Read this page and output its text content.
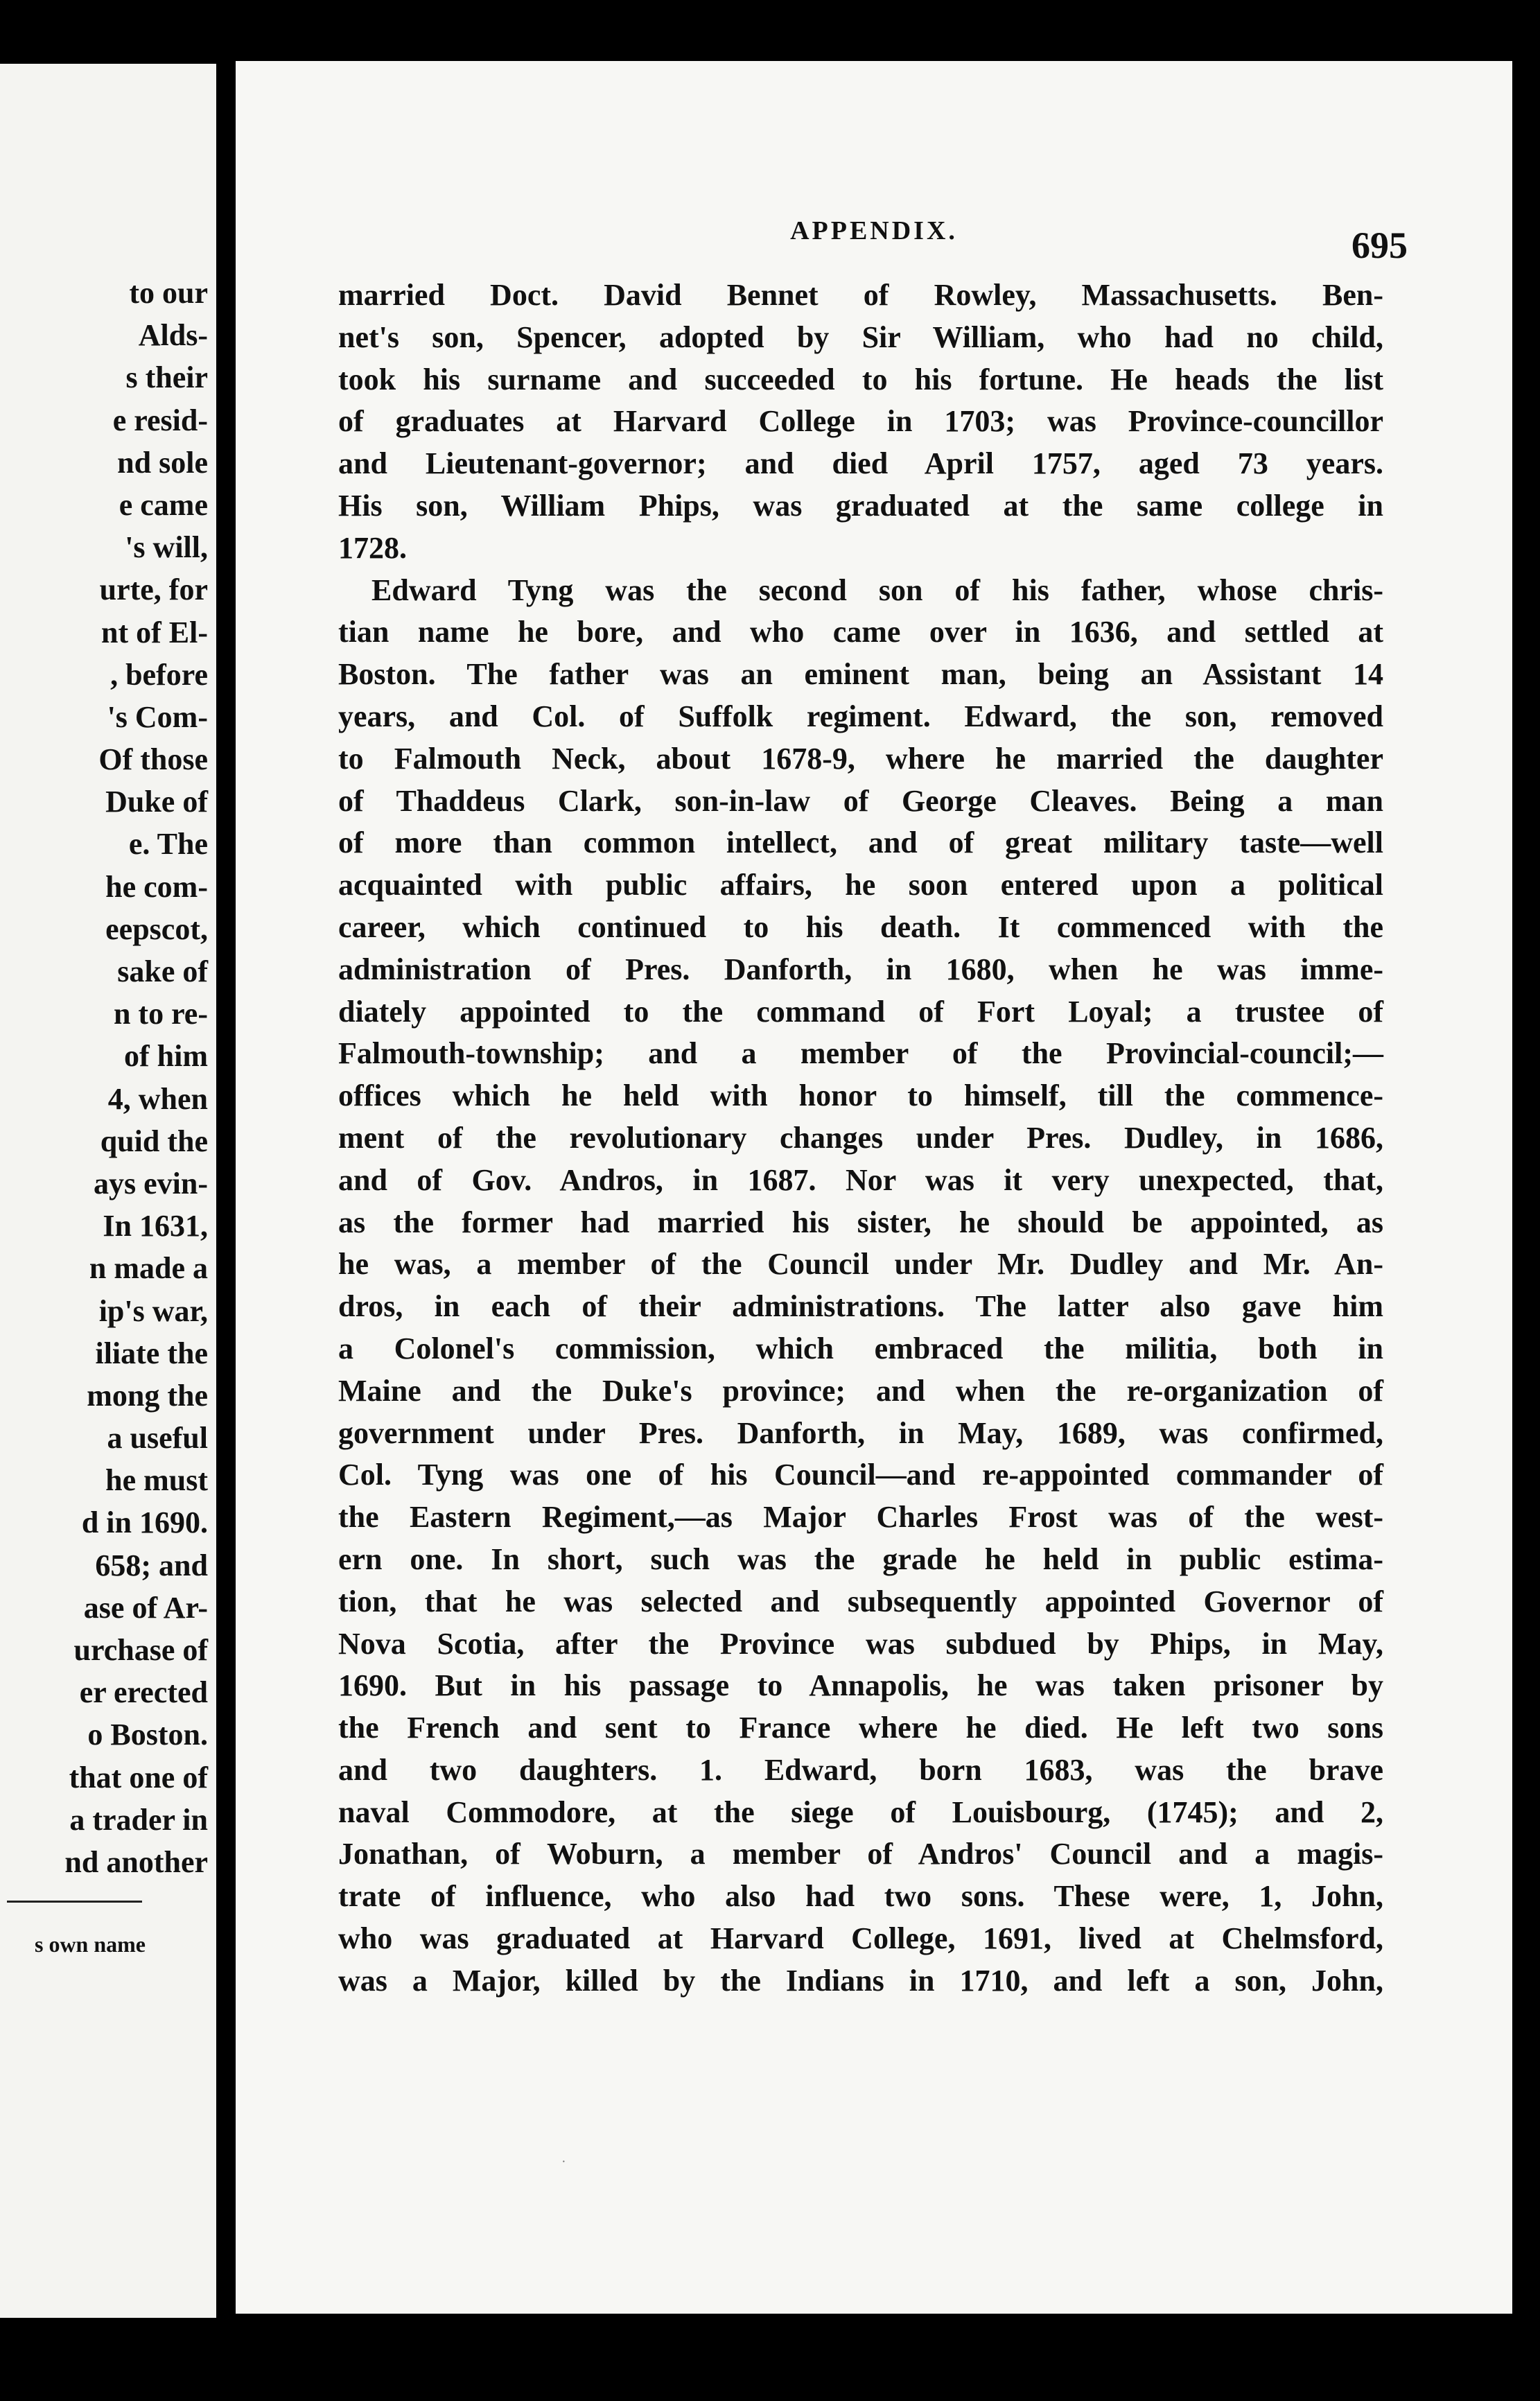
to our
Alds-
s their
e resid-
nd sole
e came
's will,
urte, for
nt of El-
, before
's Com-
Of those
Duke of
e. The
he com-
eepscot,
sake of
n to re-
of him
4, when
quid the
ays evin-
In 1631,
n made a
ip's war,
iliate the
mong the
a useful
he must
d in 1690.
658; and
ase of Ar-
urchase of
er erected
o Boston.
that one of
a trader in
nd another
s own name
APPENDIX.	695
married Doct. David Bennet of Rowley, Massachusetts. Ben-
net's son, Spencer, adopted by Sir William, who had no child,
took his surname and succeeded to his fortune. He heads the list
of graduates at Harvard College in 1703; was Province-councillor
and Lieutenant-governor; and died April 1757, aged 73 years.
His son, William Phips, was graduated at the same college in
1728.
Edward Tyng was the second son of his father, whose chris-
tian name he bore, and who came over in 1636, and settled at
Boston. The father was an eminent man, being an Assistant 14
years, and Col. of Suffolk regiment. Edward, the son, removed
to Falmouth Neck, about 1678-9, where he married the daughter
of Thaddeus Clark, son-in-law of George Cleaves. Being a man
of more than common intellect, and of great military taste—well
acquainted with public affairs, he soon entered upon a political
career, which continued to his death. It commenced with the
administration of Pres. Danforth, in 1680, when he was imme-
diately appointed to the command of Fort Loyal; a trustee of
Falmouth-township; and a member of the Provincial-council;—
offices which he held with honor to himself, till the commence-
ment of the revolutionary changes under Pres. Dudley, in 1686,
and of Gov. Andros, in 1687. Nor was it very unexpected, that,
as the former had married his sister, he should be appointed, as
he was, a member of the Council under Mr. Dudley and Mr. An-
dros, in each of their administrations. The latter also gave him
a Colonel's commission, which embraced the militia, both in
Maine and the Duke's province; and when the re-organization of
government under Pres. Danforth, in May, 1689, was confirmed,
Col. Tyng was one of his Council—and re-appointed commander of
the Eastern Regiment,—as Major Charles Frost was of the west-
ern one. In short, such was the grade he held in public estima-
tion, that he was selected and subsequently appointed Governor of
Nova Scotia, after the Province was subdued by Phips, in May,
1690. But in his passage to Annapolis, he was taken prisoner by
the French and sent to France where he died. He left two sons
and two daughters. 1. Edward, born 1683, was the brave
naval Commodore, at the siege of Louisbourg, (1745); and 2,
Jonathan, of Woburn, a member of Andros' Council and a magis-
trate of influence, who also had two sons. These were, 1, John,
who was graduated at Harvard College, 1691, lived at Chelmsford,
was a Major, killed by the Indians in 1710, and left a son, John,
·
